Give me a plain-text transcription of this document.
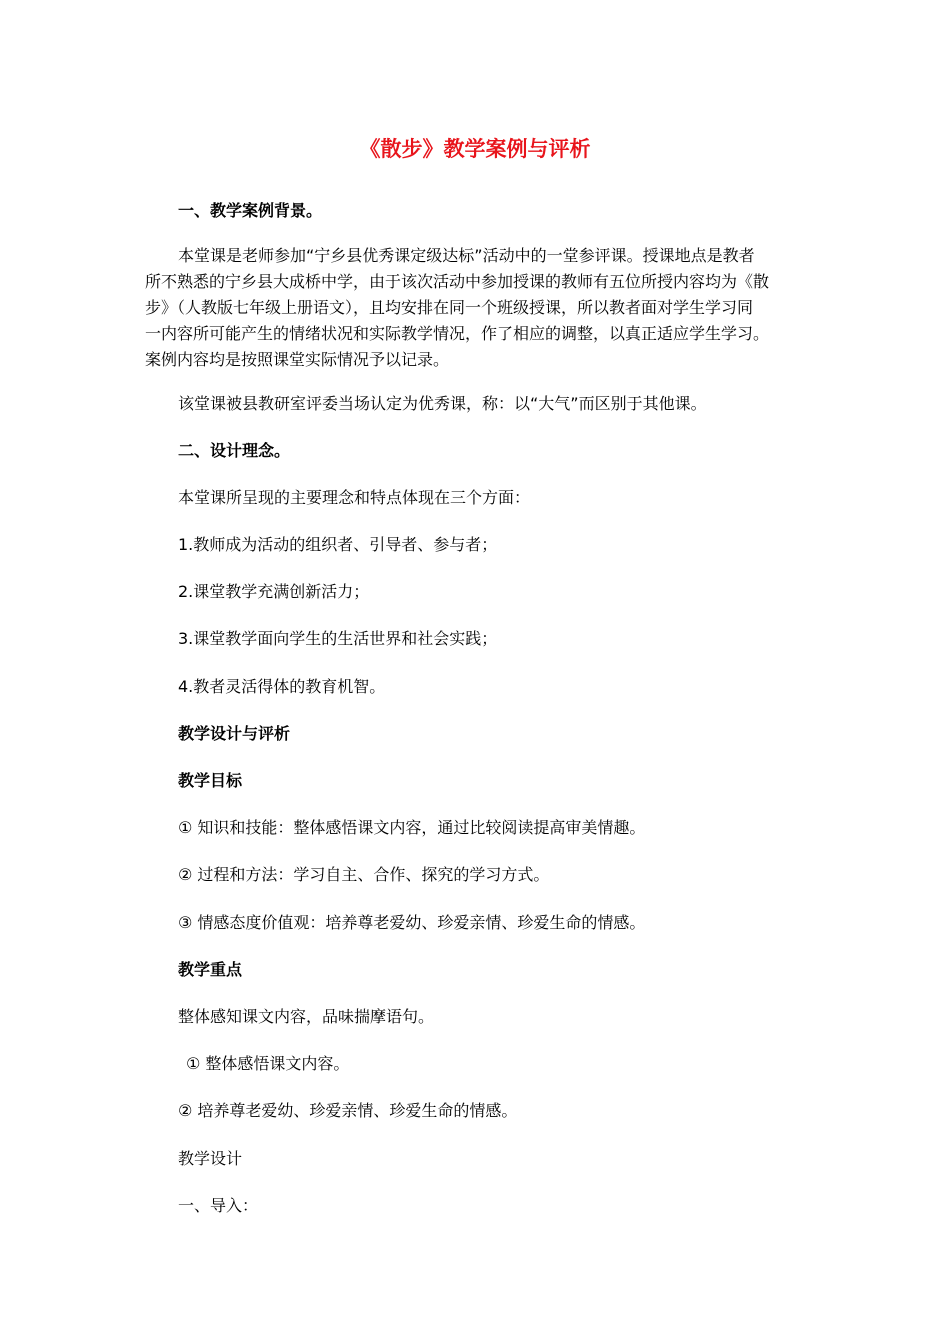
《散步》教学案例与评析
一、教学案例背景。
本堂课是老师参加“宁乡县优秀课定级达标”活动中的一堂参评课。授课地点是教者
所不熟悉的宁乡县大成桥中学，由于该次活动中参加授课的教师有五位所授内容均为《散
步》（人教版七年级上册语文），且均安排在同一个班级授课，所以教者面对学生学习同
一内容所可能产生的情绪状况和实际教学情况，作了相应的调整，以真正适应学生学习。
案例内容均是按照课堂实际情况予以记录。
该堂课被县教研室评委当场认定为优秀课，称：以“大气”而区别于其他课。
二、设计理念。
本堂课所呈现的主要理念和特点体现在三个方面：
1.教师成为活动的组织者、引导者、参与者；
2.课堂教学充满创新活力；
3.课堂教学面向学生的生活世界和社会实践；
4.教者灵活得体的教育机智。
教学设计与评析
教学目标
① 知识和技能：整体感悟课文内容，通过比较阅读提高审美情趣。
② 过程和方法：学习自主、合作、探究的学习方式。
③ 情感态度价值观：培养尊老爱幼、珍爱亲情、珍爱生命的情感。
教学重点
整体感知课文内容，品味揣摩语句。
① 整体感悟课文内容。
② 培养尊老爱幼、珍爱亲情、珍爱生命的情感。
教学设计
一、导入：
